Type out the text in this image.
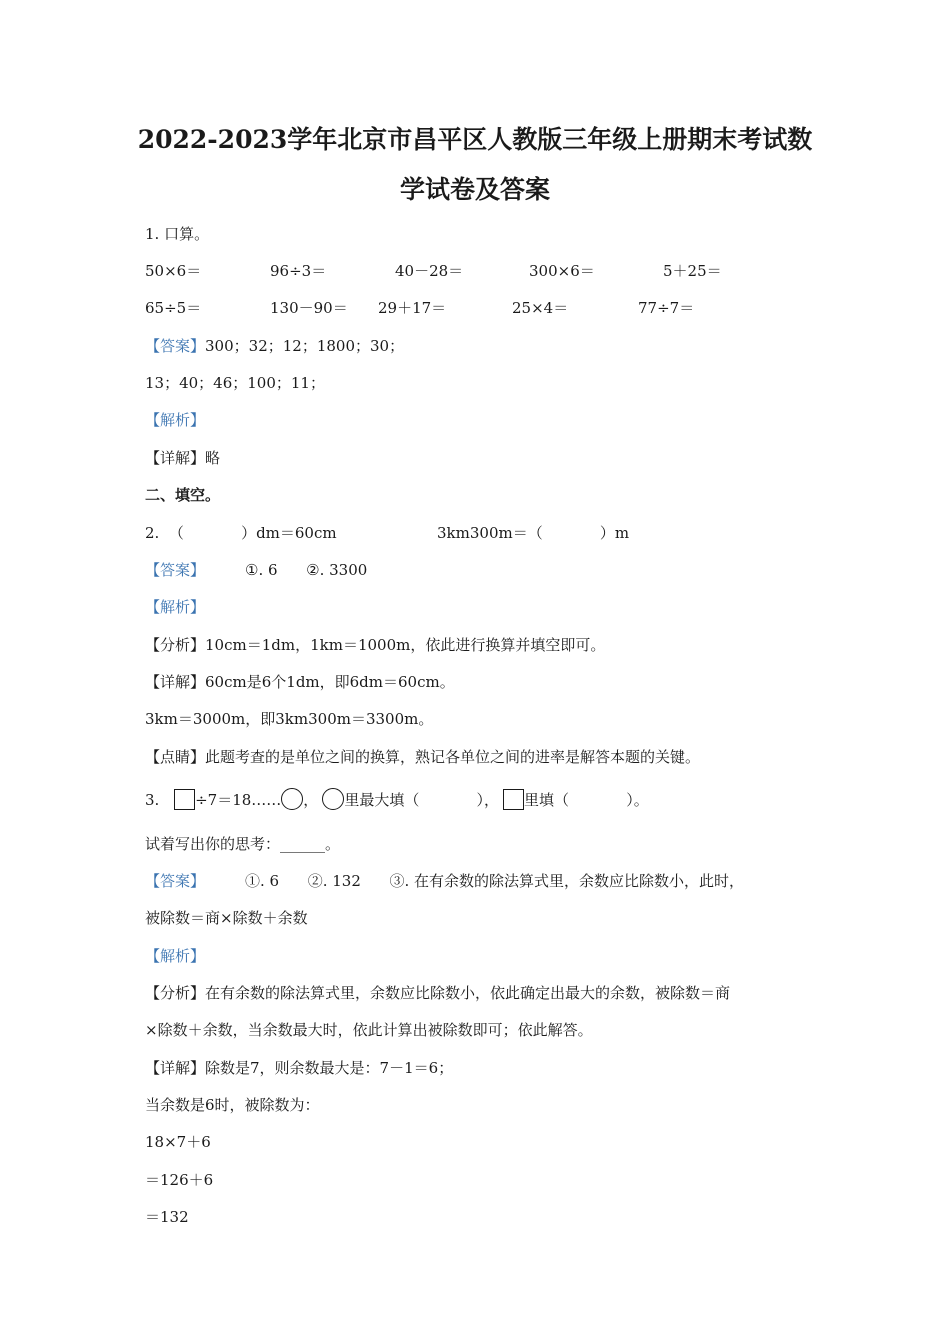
2022-2023学年北京市昌平区人教版三年级上册期末考试数
学试卷及答案
1. 口算。
50×6＝	96÷3＝	40－28＝	300×6＝	5＋25＝
65÷5＝	130－90＝ 29＋17＝	25×4＝	77÷7＝
【答案】300；32；12；1800；30；
13；40；46；100；11；
【解析】
【详解】略
二、填空。
2.  （            ）dm＝60cm	3km300m＝（            ）m
【答案】	①. 6      ②. 3300
【解析】
【分析】10cm＝1dm，1km＝1000m，依此进行换算并填空即可。
【详解】60cm是6个1dm，即6dm＝60cm。
3km＝3000m，即3km300m＝3300m。
【点睛】此题考查的是单位之间的换算，熟记各单位之间的进率是解答本题的关键。
3. ÷7＝18…… ， 里最大填（            ）， 里填（            ）。
试着写出你的思考：______。
【答案】	①. 6      ②. 132      ③. 在有余数的除法算式里，余数应比除数小，此时，
被除数＝商×除数＋余数
【解析】
【分析】在有余数的除法算式里，余数应比除数小，依此确定出最大的余数，被除数＝商
×除数＋余数，当余数最大时，依此计算出被除数即可；依此解答。
【详解】除数是7，则余数最大是：7－1＝6；
当余数是6时，被除数为：
18×7＋6
＝126＋6
＝132
